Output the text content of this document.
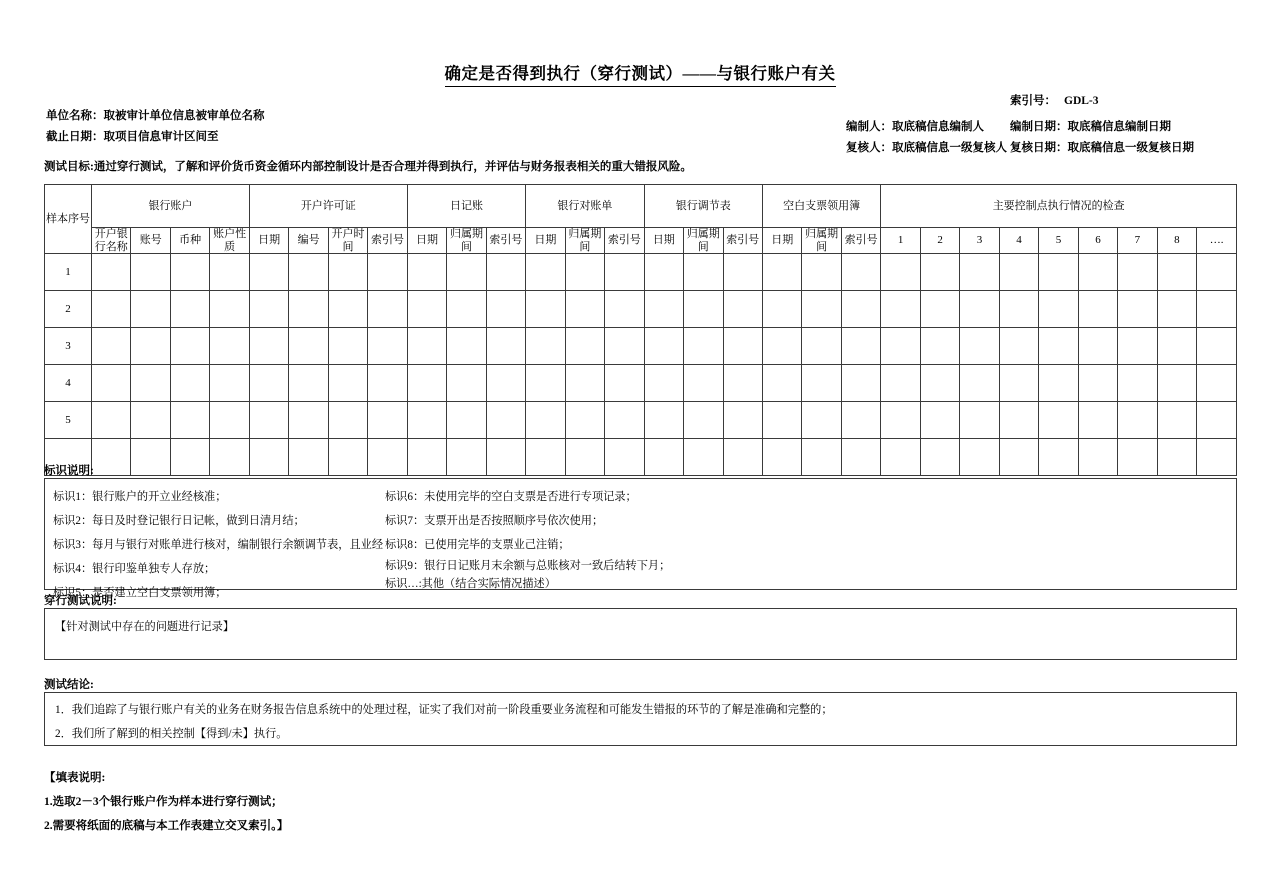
确定是否得到执行（穿行测试）——与银行账户有关
索引号： GDL-3
单位名称：取被审计单位信息被审单位名称
截止日期：取项目信息审计区间至
编制人：取底稿信息编制人 编制日期：取底稿信息编制日期
复核人：取底稿信息一级复核人 复核日期：取底稿信息一级复核日期
测试目标:通过穿行测试，了解和评价货币资金循环内部控制设计是否合理并得到执行，并评估与财务报表相关的重大错报风险。
样本序号	银行账户				开户许可证				日记账			银行对账单			银行调节表			空白支票领用簿			主要控制点执行情况的检查								
	开户银行名称	账号	币种	账户性质	日期	编号	开户时间	索引号	日期	归属期间	索引号	日期	归属期间	索引号	日期	归属期间	索引号	日期	归属期间	索引号	1	2	3	4	5	6	7	8	….
1																													
2																													
3																													
4																													
5																													

标识说明:
标识1：银行账户的开立业经核准；
标识2：每日及时登记银行日记帐，做到日清月结；
标识3：每月与银行对账单进行核对，编制银行余额调节表，且业经
标识4：银行印鉴单独专人存放；
标识5：是否建立空白支票领用簿；
标识6：未使用完毕的空白支票是否进行专项记录；
标识7：支票开出是否按照顺序号依次使用；
标识8：已使用完毕的支票业己注销；
标识9：银行日记账月末余额与总账核对一致后结转下月；
标识…:其他（结合实际情况描述）
穿行测试说明:
【针对测试中存在的问题进行记录】
测试结论:
1．我们追踪了与银行账户有关的业务在财务报告信息系统中的处理过程，证实了我们对前一阶段重要业务流程和可能发生错报的环节的了解是准确和完整的；
2．我们所了解到的相关控制【得到/未】执行。
【填表说明:
1.选取2－3个银行账户作为样本进行穿行测试；
2.需要将纸面的底稿与本工作表建立交叉索引。】
